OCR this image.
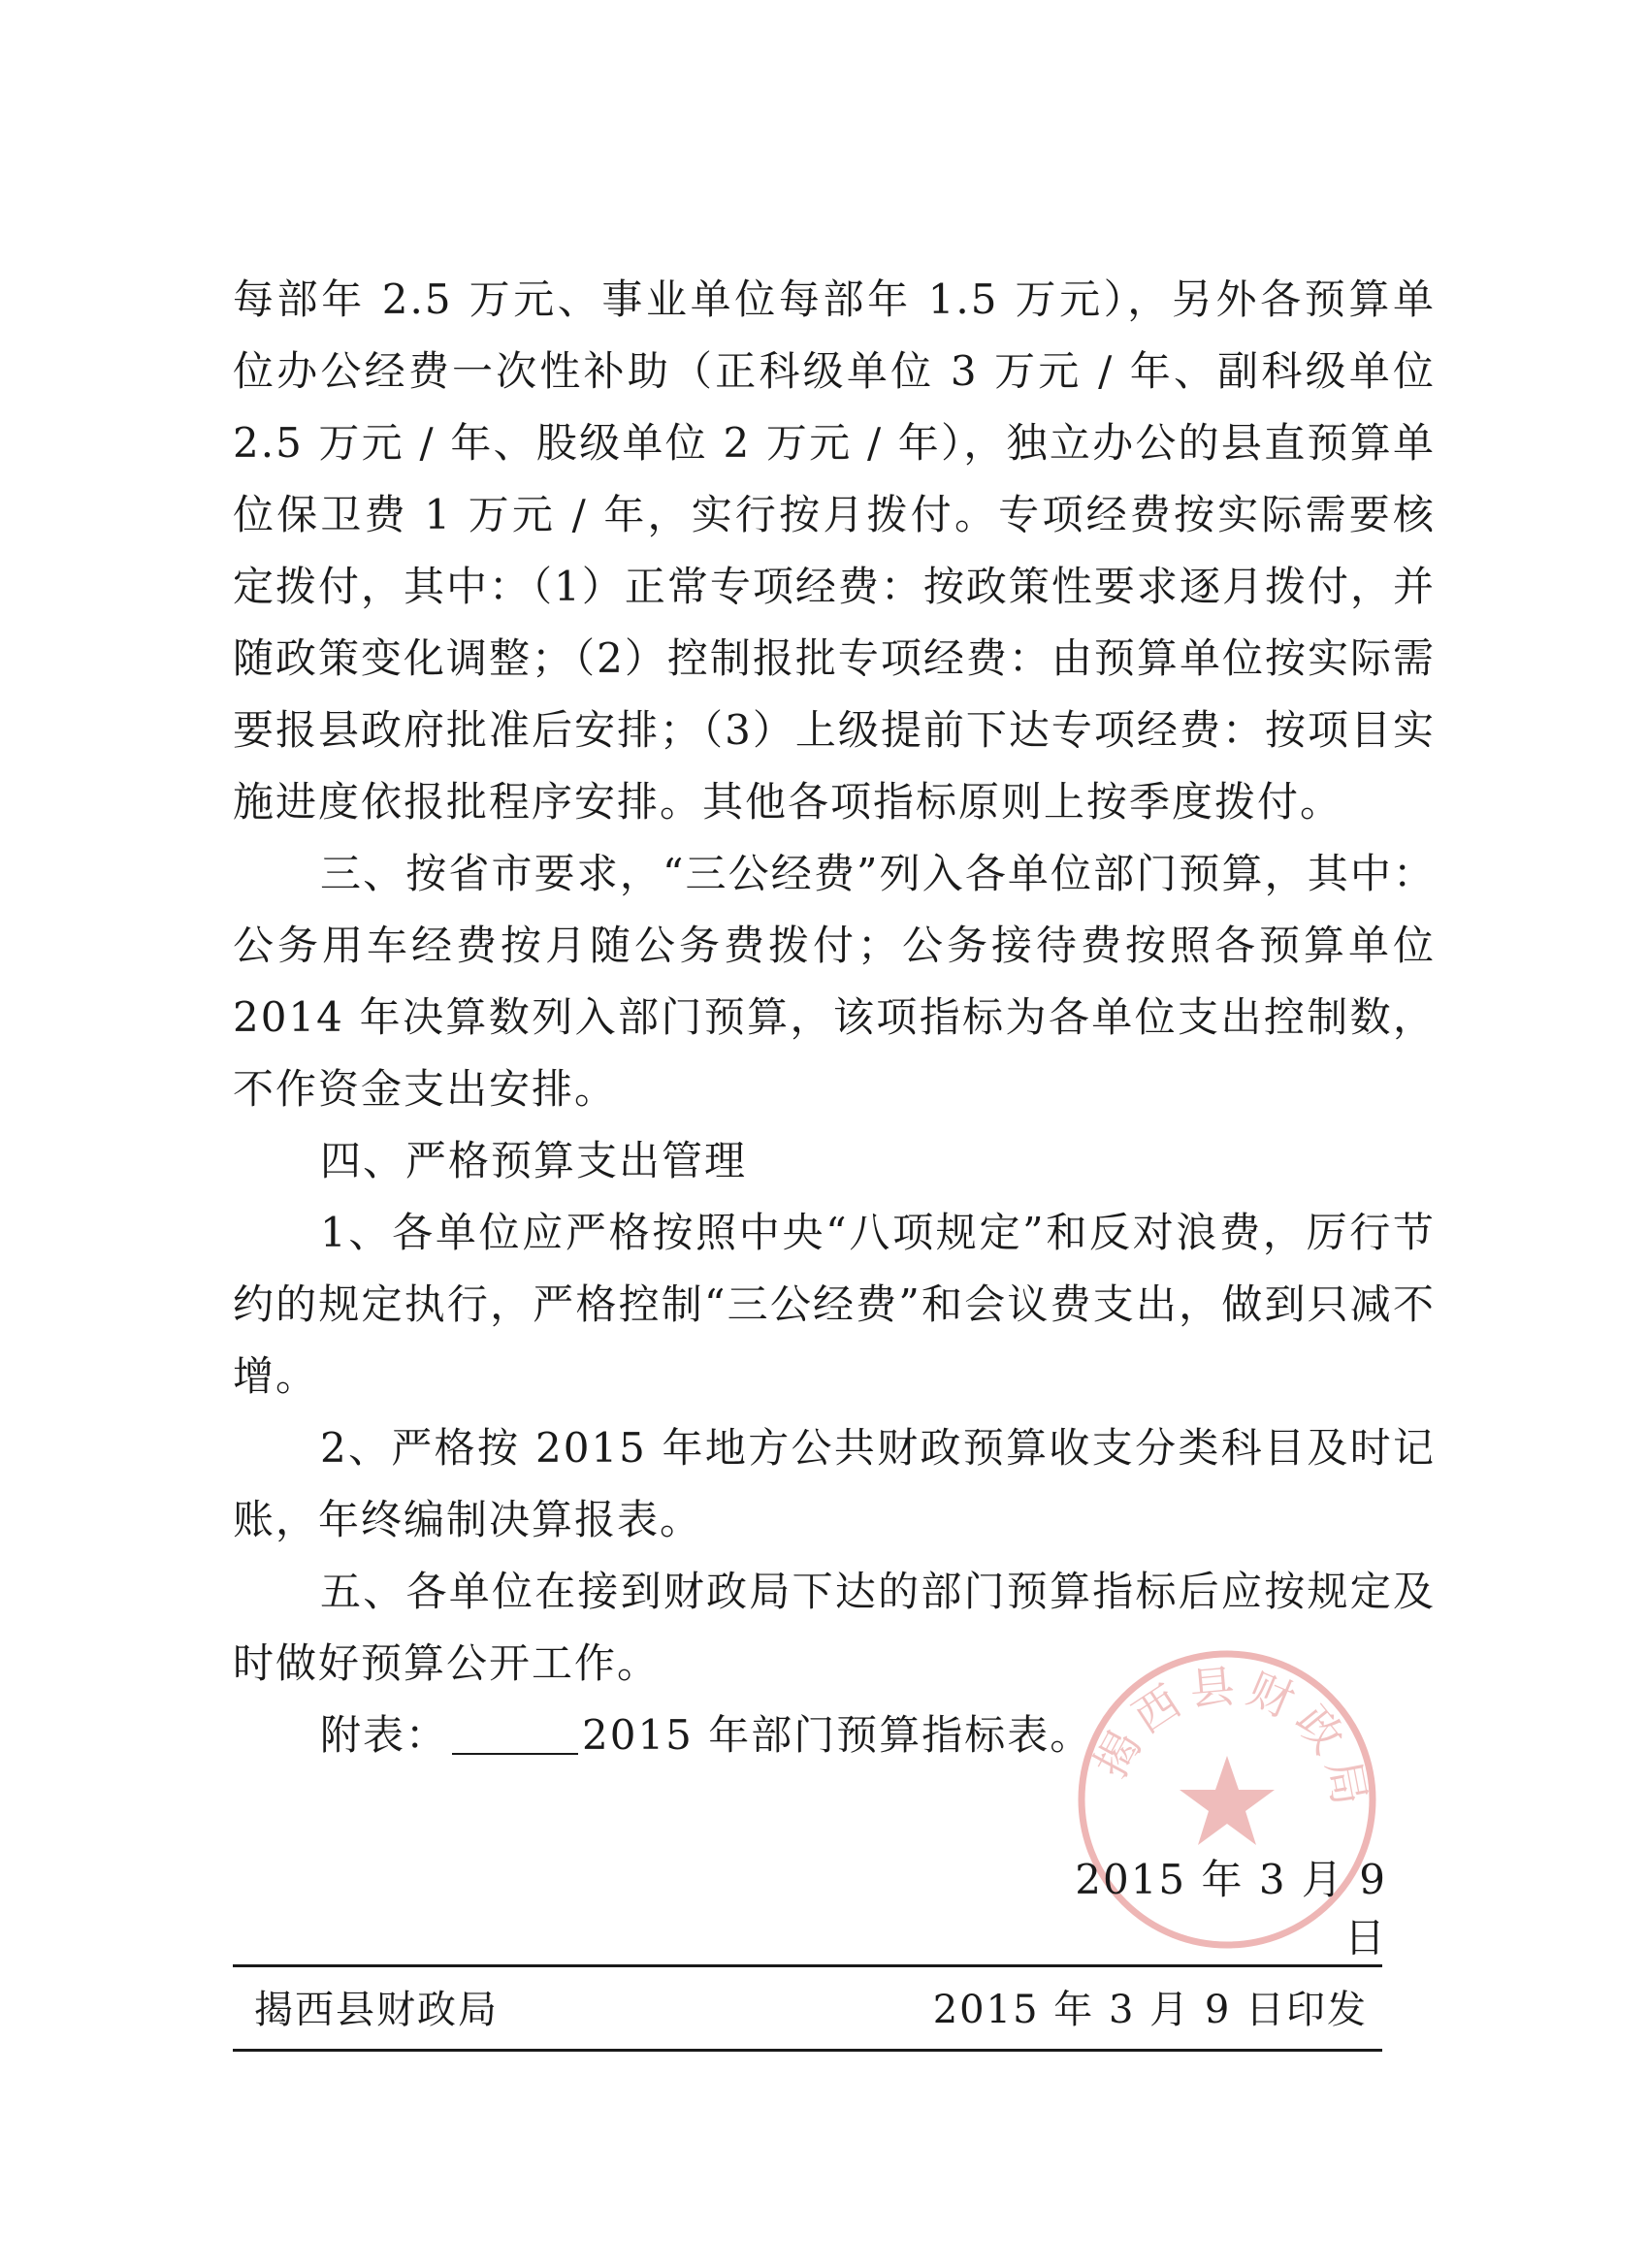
每部年 2.5 万元、事业单位每部年 1.5 万元），另外各预算单位办公经费一次性补助（正科级单位 3 万元 / 年、副科级单位 2.5 万元 / 年、股级单位 2 万元 / 年），独立办公的县直预算单位保卫费 1 万元 / 年，实行按月拨付。专项经费按实际需要核定拨付，其中：（1）正常专项经费：按政策性要求逐月拨付，并随政策变化调整；（2）控制报批专项经费：由预算单位按实际需要报县政府批准后安排；（3）上级提前下达专项经费：按项目实施进度依报批程序安排。其他各项指标原则上按季度拨付。

三、按省市要求，“三公经费”列入各单位部门预算，其中：公务用车经费按月随公务费拨付；公务接待费按照各预算单位 2014 年决算数列入部门预算，该项指标为各单位支出控制数，不作资金支出安排。

四、严格预算支出管理

1、各单位应严格按照中央“八项规定”和反对浪费，厉行节约的规定执行，严格控制“三公经费”和会议费支出，做到只减不增。

2、严格按 2015 年地方公共财政预算收支分类科目及时记账，年终编制决算报表。

五、各单位在接到财政局下达的部门预算指标后应按规定及时做好预算公开工作。

附表：	2015 年部门预算指标表。

揭西县财政局
2015 年 3 月 9 日
揭西县财政局	2015 年 3 月 9 日印发
